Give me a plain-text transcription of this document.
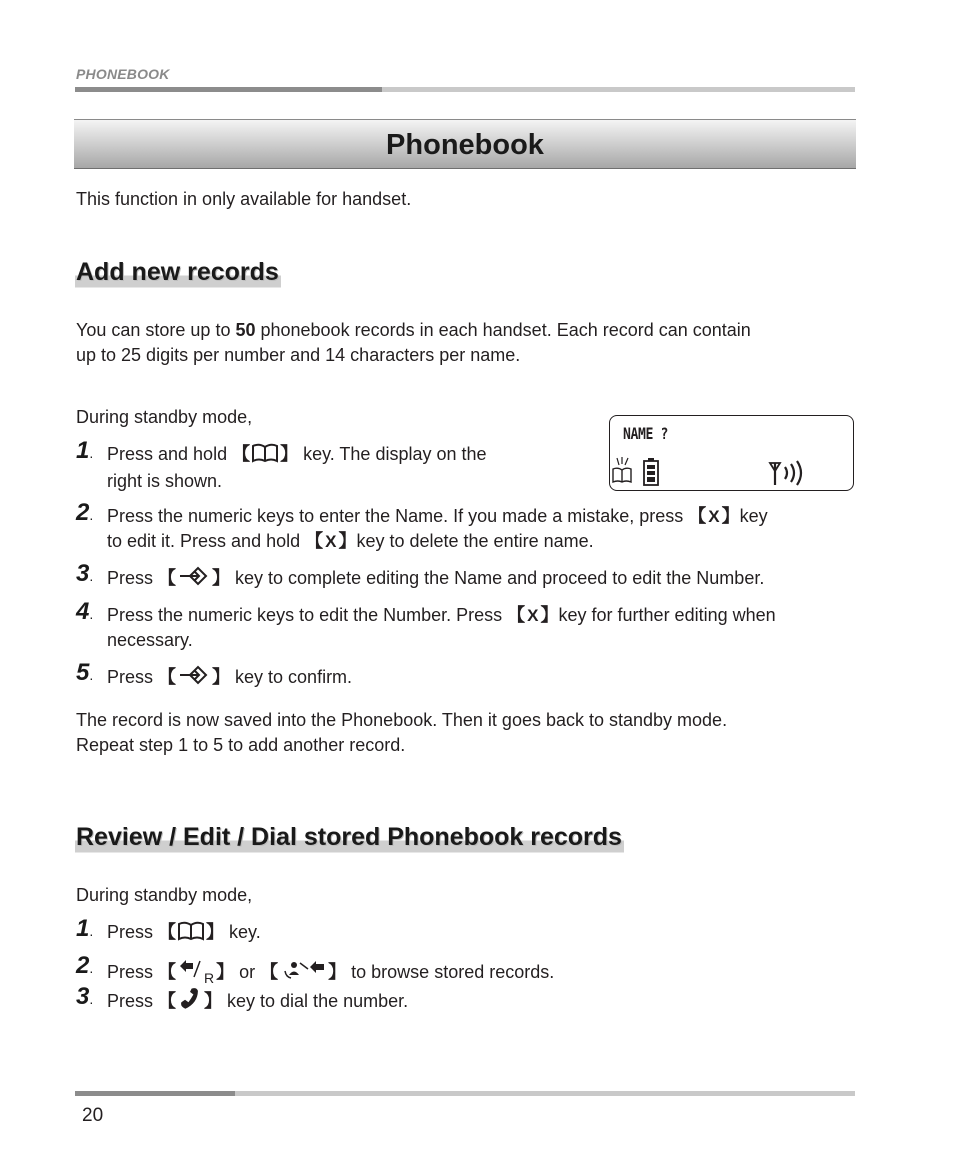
PHONEBOOK
Phonebook
This function in only available for handset.
Add new records
You can store up to 50 phonebook records in each handset. Each record can contain
up to 25 digits per number and 14 characters per name.
During standby mode,
1. Press and hold 【 】 key. The display on the
right is shown.
NAME ?
2. Press the numeric keys to enter the Name. If you made a mistake, press 【 X 】key
to edit it. Press and hold 【 X 】key to delete the entire name.
3. Press 【 】 key to complete editing the Name and proceed to edit the Number.
4. Press the numeric keys to edit the Number. Press 【 X 】key for further editing when
necessary.
5. Press 【 】 key to confirm.
The record is now saved into the Phonebook. Then it goes back to standby mode.
Repeat step 1 to 5 to add another record.
Review / Edit / Dial stored Phonebook records
During standby mode,
1. Press 【 】 key.
2. Press 【 R 】 or 【	】 to browse stored records.
3. Press 【 】 key to dial the number.
20
